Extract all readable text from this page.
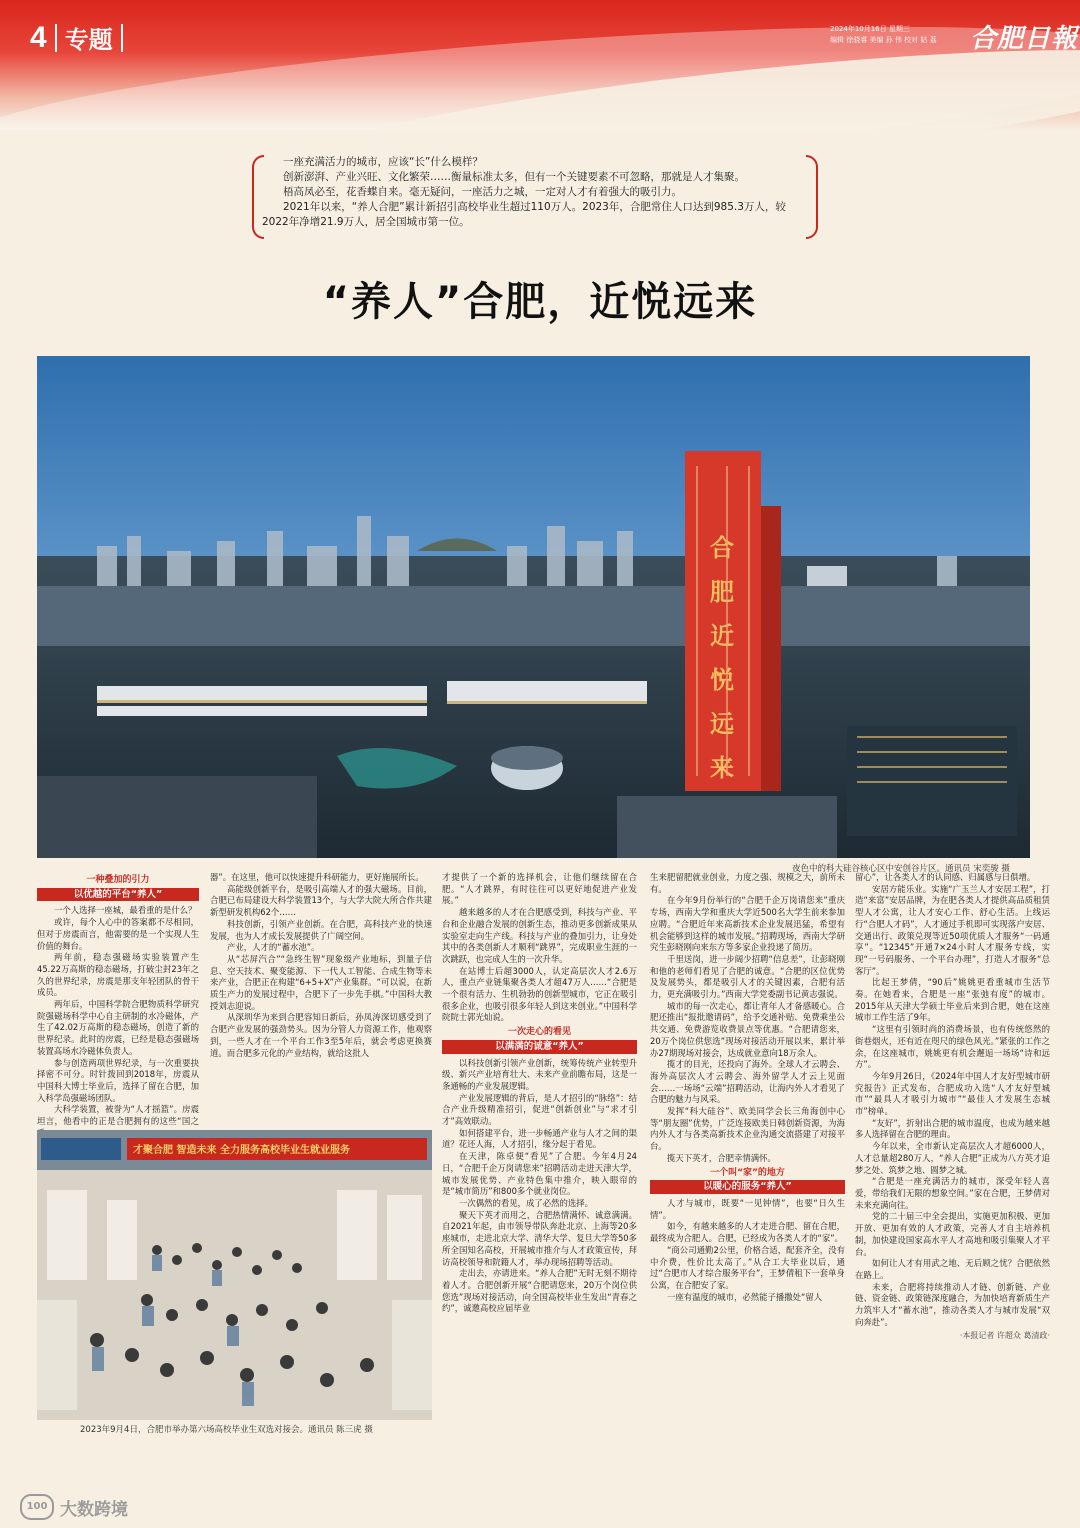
4 专题	2024年10月16日 星期三
编辑 徐骁睿 美编 孙 伟 校对 姑 荔 合肥日報

一座充满活力的城市，应该“长”什么模样？

创新澎湃、产业兴旺、文化繁荣……衡量标准太多，但有一个关键要素不可忽略，那就是人才集聚。

梧高凤必至，花香蝶自来。毫无疑问，一座活力之城，一定对人才有着强大的吸引力。

2021年以来，“养人合肥”累计新招引高校毕业生超过110万人。2023年，合肥常住人口达到985.3万人，较2022年净增21.9万人，居全国城市第一位。

“养人”合肥，近悦远来
合肥近悦远来
夜色中的科大硅谷核心区中安创谷片区。通讯员 宋奕骏 摄
一种叠加的引力
以优越的平台“养人”

一个人选择一座城，最看重的是什么？

或许，每个人心中的答案都不尽相同，但对于房震而言，他需要的是一个实现人生价值的舞台。

两年前，稳态强磁场实验装置产生45.22万高斯的稳态磁场，打破尘封23年之久的世界纪录，房震是那支年轻团队的骨干成员。

两年后，中国科学院合肥物质科学研究院强磁场科学中心自主研制的水冷磁体，产生了42.02万高斯的稳态磁场，创造了新的世界纪录。此时的房震，已经是稳态强磁场装置高场水冷磁体负责人。

参与创造两项世界纪录，与一次重要抉择密不可分。时针拨回到2018年，房震从中国科大博士毕业后，选择了留在合肥，加入科学岛强磁场团队。

大科学装置，被誉为“人才摇篮”。房震坦言，他看中的正是合肥拥有的这些“国之

器”。在这里，他可以快速提升科研能力，更好施展所长。

高能级创新平台，是吸引高端人才的强大磁场。目前，合肥已布局建设大科学装置13个，与大学大院大所合作共建新型研发机构62个……

科技创新，引领产业创新。在合肥，高科技产业的快速发展，也为人才成长发展提供了广阔空间。

产业，人才的“蓄水池”。

从“芯屏汽合”“急终生智”现象级产业地标，到量子信息、空天技术、聚变能源、下一代人工智能、合成生物等未来产业，合肥正在构建“6+5+X”产业集群。“可以说，在新质生产力的发展过程中，合肥下了一步先手棋。”中国科大教授刘志迎说。

从深圳华为来到合肥容知日新后，孙凤涛深切感受到了合肥产业发展的强劲势头。因为分管人力资源工作，他观察到，一些人才在一个平台工作3至5年后，就会考虑更换赛道。而合肥多元化的产业结构，就给这批人

才聚合肥 智造未来 全力服务高校毕业生就业服务
2023年9月4日，合肥市举办第六场高校毕业生双选对接会。通讯员 陈三虎 摄

才提供了一个新的选择机会，让他们继续留在合肥。“人才跳界，有时往往可以更好地促进产业发展。”

越来越多的人才在合肥感受到，科技与产业、平台和企业融合发展的创新生态，推动更多创新成果从实验室走向生产线。科技与产业的叠加引力，让身处其中的各类创新人才顺利“跳界”，完成职业生涯的一次跳跃，也完成人生的一次升华。

在站博士后超3000人，认定高层次人才2.6万人，重点产业链集聚各类人才超47万人……“合肥是一个很有活力、生机勃勃的创新型城市，它正在吸引很多企业，也吸引很多年轻人到这来创业。”中国科学院院士郭光灿说。

一次走心的看见
以满满的诚意“养人”

以科技创新引领产业创新，统筹传统产业转型升级、新兴产业培育壮大、未来产业前瞻布局，这是一条通畅的产业发展逻辑。

产业发展逻辑的背后，是人才招引的“脉络”：结合产业升级精准招引，促进“创新创业”与“求才引才”高效联动。

如何搭建平台，进一步畅通产业与人才之间的渠道？花还人海，人才招引，缘分起于看见。

在天津，陈卓便“看见”了合肥。今年4月24日，“合肥千企万岗请您来”招聘活动走进天津大学，城市发展优势、产业特色集中推介，映入眼帘的是“城市简历”和800多个就业岗位。

一次偶然的看见，成了必然的选择。

聚天下英才而用之，合肥热情满怀、诚意满满。自2021年起，由市领导带队奔赴北京、上海等20多座城市，走进北京大学、清华大学、复旦大学等50多所全国知名高校，开展城市推介与人才政策宣传，拜访高校领导和院籍人才，举办现场招聘等活动。

走出去，亦请进来。“养人合肥”无时无刻不期待着人才。合肥创新开展“合肥请您来，20万个岗位供您选”现场对接活动，向全国高校毕业生发出“青春之约”，诚邀高校应届毕业

生来肥留肥就业创业，力度之强、规模之大，前所未有。

在今年9月份举行的“合肥千企万岗请您来”重庆专场，西南大学和重庆大学近500名大学生前来参加应聘。“合肥近年来高新技术企业发展迅猛，希望有机会能够到这样的城市发展。”招聘现场，西南大学研究生彭晓刚向来东方等多家企业投递了简历。

千里送岗，进一步阔少招聘“信息差”，让彭晓刚和他的老师们看见了合肥的诚意。“合肥的区位优势及发展势头，都是吸引人才的关键因素，合肥有活力，更充满吸引力。”西南大学党委副书记黄志强说。

城市的每一次走心，都让青年人才备感暖心。合肥还推出“报批邀请码”，给予交通补贴、免费乘坐公共交通、免费游览收费景点等优惠。“合肥请您来，20万个岗位供您选”现场对接活动开展以来，累计举办27期现场对接会，达成就业意向18万余人。

揽才的目光，还投向了海外。全球人才云聘会、海外高层次人才云聘会、海外留学人才云上见面会……一场场“云端”招聘活动，让海内外人才看见了合肥的魅力与风采。

发挥“科大硅谷”、欧美同学会长三角海创中心等“朋友圈”优势，广泛连接欧美日韩创新资源，为海内外人才与各类高新技术企业沟通交流搭建了对接平台。

揽天下英才，合肥幸情满怀。

一个叫“家”的地方
以暖心的服务“养人”

人才与城市，既要“一见钟情”，也要“日久生情”。

如今，有越来越多的人才走进合肥、留在合肥，最终成为合肥人。合肥，已经成为各类人才的“家”。

“商公司通勤2公里，价格合适，配套齐全，没有中介费，性价比太高了。”从合工大毕业以后，通过“合肥市人才综合服务平台”，王梦倩租下一套单身公寓，在合肥安了家。

一座有温度的城市，必然能子播撒处“留人

留心”，让各类人才的认同感、归属感与日俱增。

安居方能乐业。实施“广玉兰人才安居工程”，打造“来富”安居品牌，为在肥各类人才提供高品质租赁型人才公寓，让人才安心工作、舒心生活。上线运行“合肥人才码”，人才通过手机即可实现落户安居、交通出行、政策兑现等近50项优质人才服务“一码通享”。“12345”开通7×24小时人才服务专线，实现“一号码服务、一个平台办理”，打造人才服务“总客厅”。

比起王梦倩，“90后”姚姚更看重城市生活节奏。在她看来，合肥是一座“张弛有度”的城市。2015年从天津大学硕士毕业后来到合肥，她在这座城市工作生活了9年。

“这里有引领时尚的消费场景，也有传统悠然的街巷烟火，还有近在咫尺的绿色风光。”紧张的工作之余，在这座城市，姚姚更有机会邂逅一场场“诗和远方”。

今年9月26日，《2024年中国人才友好型城市研究报告》正式发布，合肥成功入选“人才友好型城市”“最具人才吸引力城市”“最佳人才发展生态城市”榜单。

“友好”，折射出合肥的城市温度，也成为越来越多人选择留在合肥的理由。

今年以来，全市新认定高层次人才超6000人，人才总量超280万人，“养人合肥”正成为八方英才追梦之处、筑梦之地、圆梦之城。

“合肥是一座充满活力的城市，深受年轻人喜爱，带给我们无限的想象空间。”家在合肥，王梦倩对未来充满向往。

党的二十届三中全会提出，实施更加积极、更加开放、更加有效的人才政策，完善人才自主培养机制，加快建设国家高水平人才高地和吸引集聚人才平台。

如何让人才有用武之地、无后顾之忧？合肥依然在路上。

未来，合肥将持续推动人才链、创新链、产业链、资金链、政策链深度融合，为加快培育新质生产力筑牢人才“蓄水池”，推动各类人才与城市发展“双向奔赴”。

·本报记者 许超众 葛清政·
100 大数跨境
